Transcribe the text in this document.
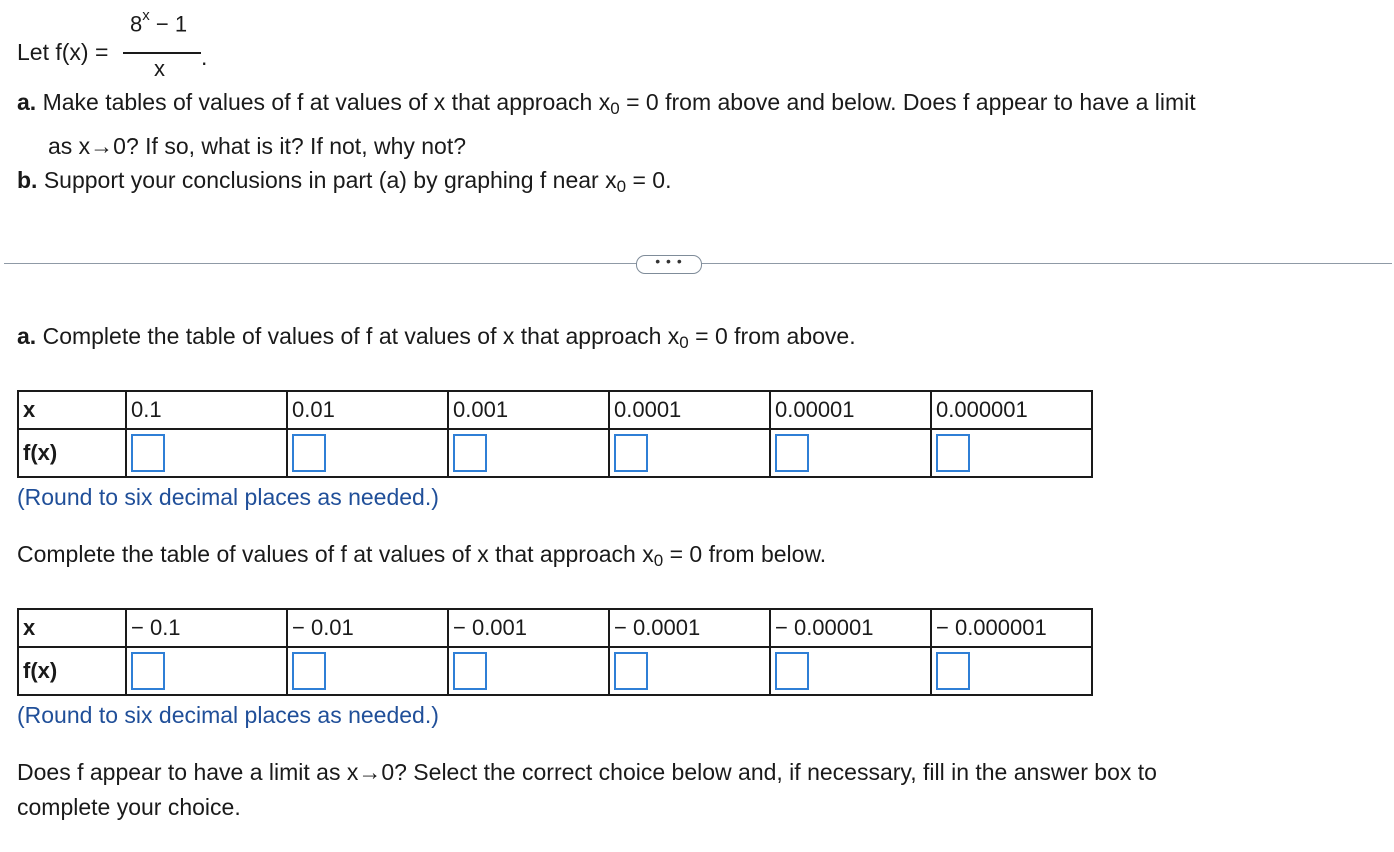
Let f(x) =
$8^x - 1$
x .
a. Make tables of values of f at values of x that approach $x_0 = 0$ from above and below. Does f appear to have a limit
as x→0? If so, what is it? If not, why not?
b. Support your conclusions in part (a) by graphing f near $x_0 = 0$.
• • •
a. Complete the table of values of f at values of x that approach $x_0 = 0$ from above.
x	0.1	0.01	0.001	0.0001	0.00001	0.000001
f(x)						
(Round to six decimal places as needed.)
Complete the table of values of f at values of x that approach $x_0 = 0$ from below.
x	− 0.1	− 0.01	− 0.001	− 0.0001	− 0.00001	− 0.000001
f(x)						
(Round to six decimal places as needed.)
Does f appear to have a limit as x→0? Select the correct choice below and, if necessary, fill in the answer box to
complete your choice.
